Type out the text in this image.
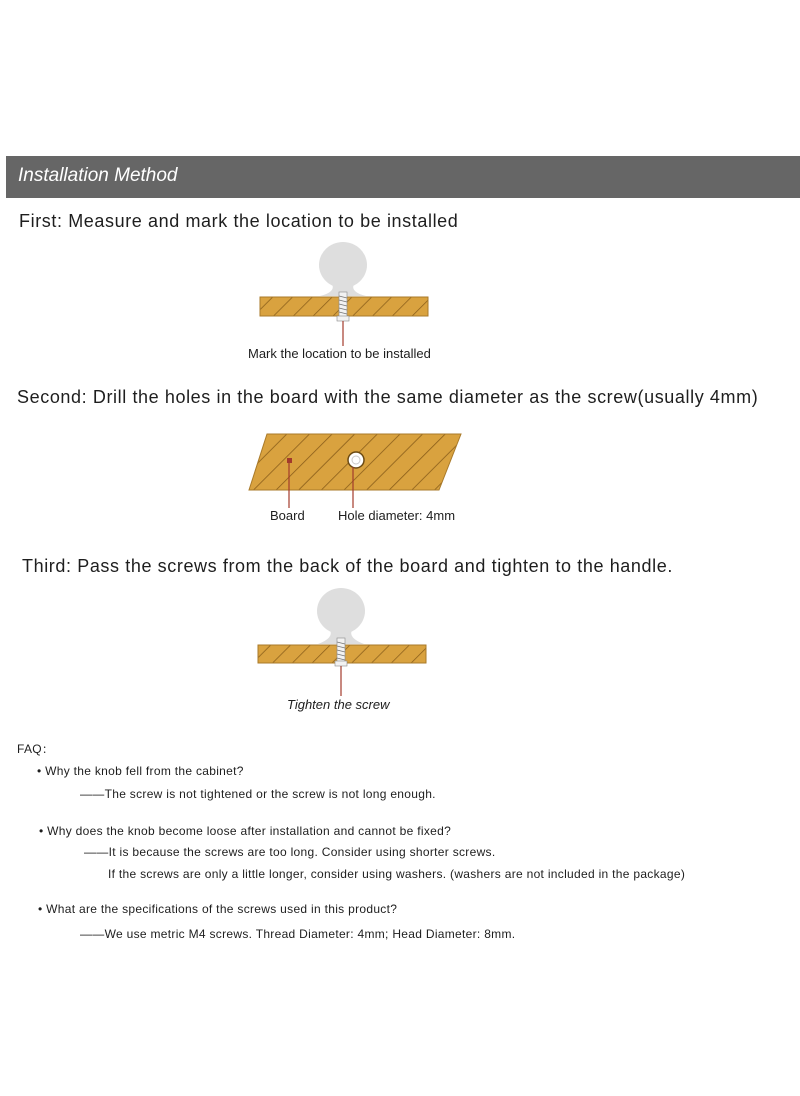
Installation Method
First: Measure and mark the location to be installed
Mark the location to be installed
Second: Drill the holes in the board with the same diameter as the screw(usually 4mm)
Board	Hole diameter: 4mm
Third: Pass the screws from the back of the board and tighten to the handle.
Tighten the screw
FAQ：
• Why the knob fell from the cabinet?
——The screw is not tightened or the screw is not long enough.
• Why does the knob become loose after installation and cannot be fixed?
——It is because the screws are too long. Consider using shorter screws.
If the screws are only a little longer, consider using washers. (washers are not included in the package)
• What are the specifications of the screws used in this product?
——We use metric M4 screws. Thread Diameter: 4mm; Head Diameter: 8mm.
